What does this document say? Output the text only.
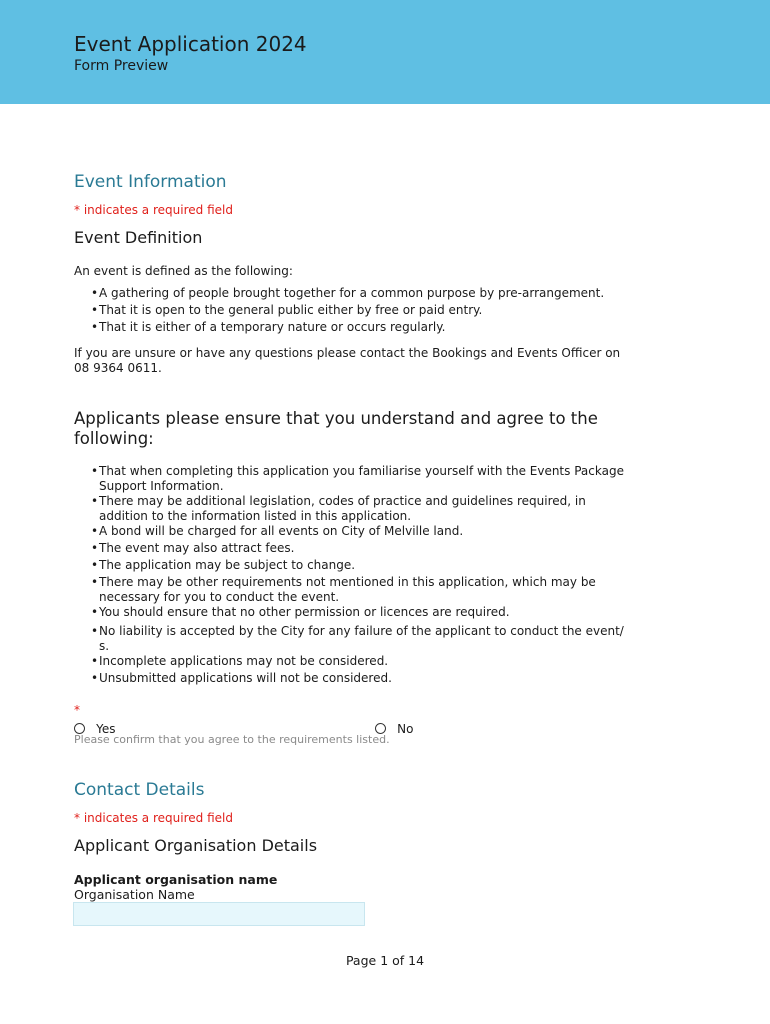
Event Application 2024
Form Preview
Event Information
* indicates a required field
Event Definition
An event is defined as the following:
• A gathering of people brought together for a common purpose by pre-arrangement.
• That it is open to the general public either by free or paid entry.
• That it is either of a temporary nature or occurs regularly.
If you are unsure or have any questions please contact the Bookings and Events Officer on
08 9364 0611.
Applicants please ensure that you understand and agree to the
following:
• That when completing this application you familiarise yourself with the Events Package
Support Information.
• There may be additional legislation, codes of practice and guidelines required, in
addition to the information listed in this application.
• A bond will be charged for all events on City of Melville land.
• The event may also attract fees.
• The application may be subject to change.
• There may be other requirements not mentioned in this application, which may be
necessary for you to conduct the event.
• You should ensure that no other permission or licences are required.
• No liability is accepted by the City for any failure of the applicant to conduct the event/
s.
• Incomplete applications may not be considered.
• Unsubmitted applications will not be considered.
*
Yes	No
Please confirm that you agree to the requirements listed.
Contact Details
* indicates a required field
Applicant Organisation Details
Applicant organisation name
Organisation Name
Page 1 of 14
